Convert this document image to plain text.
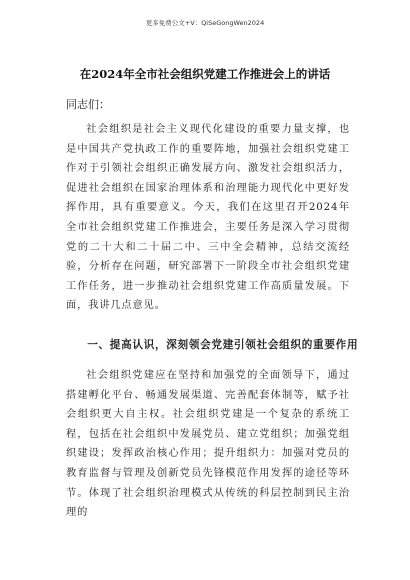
更多免费公文+V：QiSeGongWen2024
在2024年全市社会组织党建工作推进会上的讲话
同志们：

社会组织是社会主义现代化建设的重要力量支撑，也是中国共产党执政工作的重要阵地，加强社会组织党建工作对于引领社会组织正确发展方向、激发社会组织活力，促进社会组织在国家治理体系和治理能力现代化中更好发挥作用，具有重要意义。今天，我们在这里召开2024年全市社会组织党建工作推进会，主要任务是深入学习贯彻党的二十大和二十届二中、三中全会精神，总结交流经验，分析存在问题，研究部署下一阶段全市社会组织党建工作任务，进一步推动社会组织党建工作高质量发展。下面，我讲几点意见。

一、提高认识，深刻领会党建引领社会组织的重要作用

社会组织党建应在坚持和加强党的全面领导下，通过搭建孵化平台、畅通发展渠道、完善配套体制等，赋予社会组织更大自主权。社会组织党建是一个复杂的系统工程，包括在社会组织中发展党员、建立党组织；加强党组织建设；发挥政治核心作用；提升组织力：加强对党员的教育监督与管理及创新党员先锋模范作用发挥的途径等环节。体现了社会组织治理模式从传统的科层控制到民主治理的
